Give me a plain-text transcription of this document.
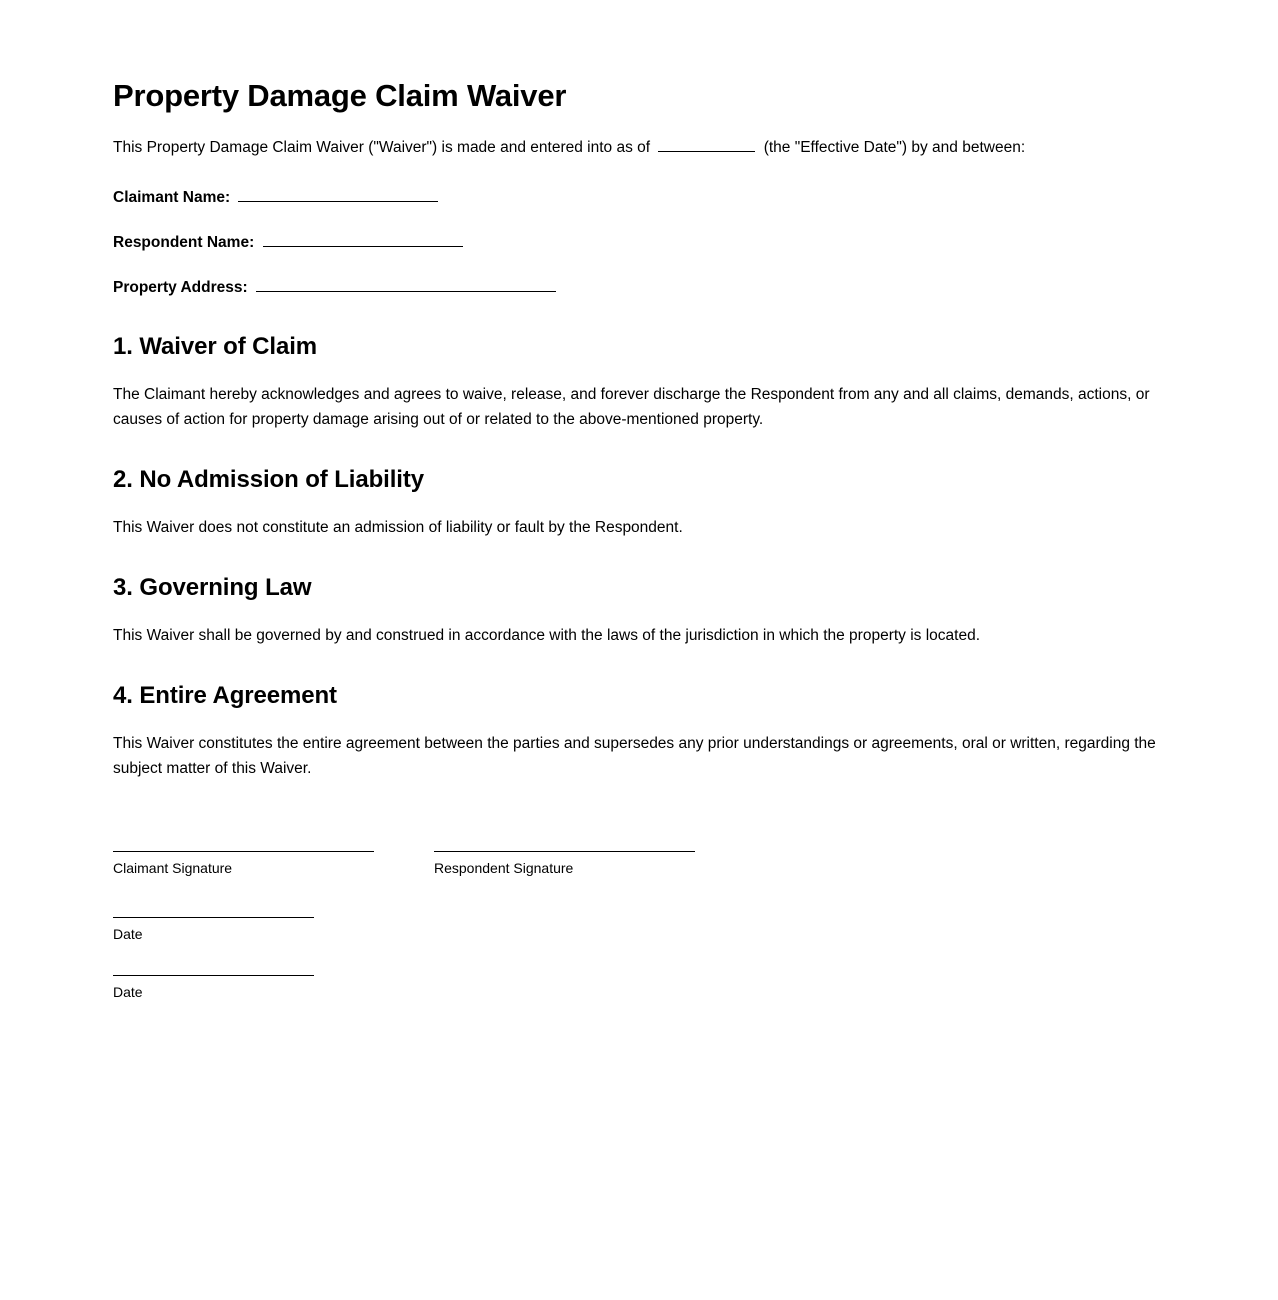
Property Damage Claim Waiver

This Property Damage Claim Waiver ("Waiver") is made and entered into as of	(the "Effective Date") by and between:

Claimant Name:
Respondent Name:
Property Address:
1. Waiver of Claim

The Claimant hereby acknowledges and agrees to waive, release, and forever discharge the Respondent from any and all claims, demands, actions, or causes of action for property damage arising out of or related to the above-mentioned property.

2. No Admission of Liability

This Waiver does not constitute an admission of liability or fault by the Respondent.

3. Governing Law

This Waiver shall be governed by and construed in accordance with the laws of the jurisdiction in which the property is located.

4. Entire Agreement

This Waiver constitutes the entire agreement between the parties and supersedes any prior understandings or agreements, oral or written, regarding the subject matter of this Waiver.

Claimant Signature	Respondent Signature
Date
Date
